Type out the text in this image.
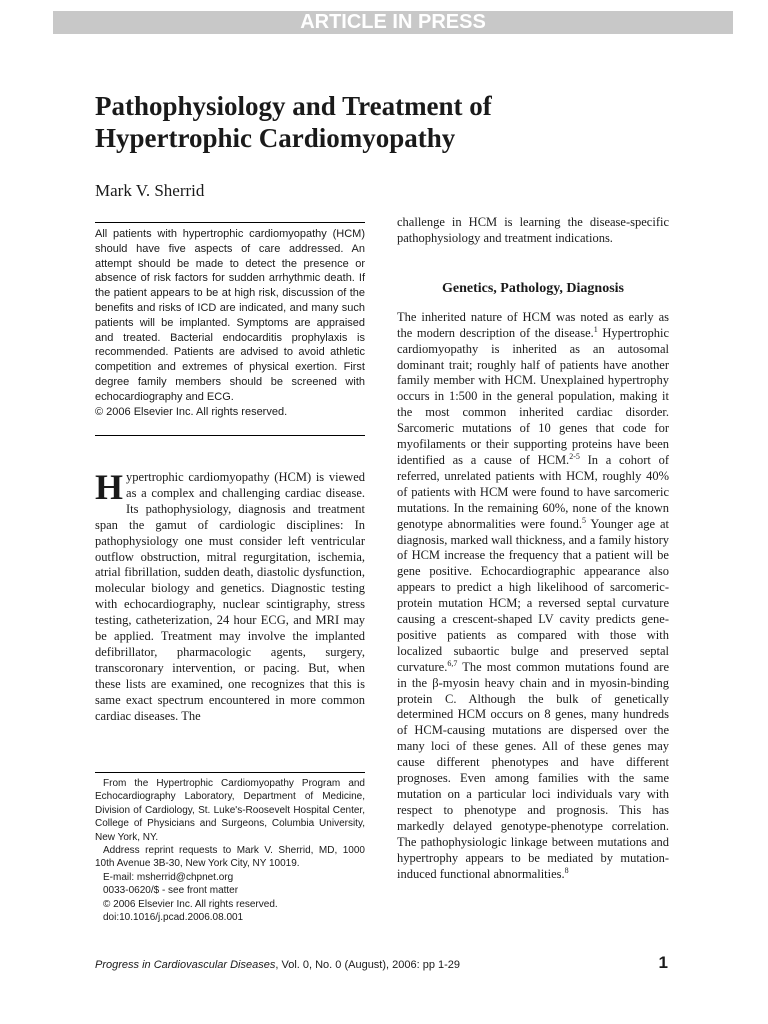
ARTICLE IN PRESS
Pathophysiology and Treatment of Hypertrophic Cardiomyopathy

Mark V. Sherrid

All patients with hypertrophic cardiomyopathy (HCM) should have five aspects of care addressed. An attempt should be made to detect the presence or absence of risk factors for sudden arrhythmic death. If the patient appears to be at high risk, discussion of the benefits and risks of ICD are indicated, and many such patients will be implanted. Symptoms are appraised and treated. Bacterial endocarditis prophylaxis is recommended. Patients are advised to avoid athletic competition and extremes of physical exertion. First degree family members should be screened with echocardiography and ECG.

© 2006 Elsevier Inc. All rights reserved.

Hypertrophic cardiomyopathy (HCM) is viewed as a complex and challenging cardiac disease. Its pathophysiology, diagnosis and treatment span the gamut of cardiologic disciplines: In pathophysiology one must consider left ventricular outflow obstruction, mitral regurgitation, ischemia, atrial fibrillation, sudden death, diastolic dysfunction, molecular biology and genetics. Diagnostic testing with echocardiography, nuclear scintigraphy, stress testing, catheterization, 24 hour ECG, and MRI may be applied. Treatment may involve the implanted defibrillator, pharmacologic agents, surgery, transcoronary intervention, or pacing. But, when these lists are examined, one recognizes that this is same exact spectrum encountered in more common cardiac diseases. The

From the Hypertrophic Cardiomyopathy Program and Echocardiography Laboratory, Department of Medicine, Division of Cardiology, St. Luke's-Roosevelt Hospital Center, College of Physicians and Surgeons, Columbia University, New York, NY.

Address reprint requests to Mark V. Sherrid, MD, 1000 10th Avenue 3B-30, New York City, NY 10019.

E-mail: msherrid@chpnet.org

0033-0620/$ - see front matter

© 2006 Elsevier Inc. All rights reserved.

doi:10.1016/j.pcad.2006.08.001

challenge in HCM is learning the disease-specific pathophysiology and treatment indications.

Genetics, Pathology, Diagnosis

The inherited nature of HCM was noted as early as the modern description of the disease.$^1$ Hypertrophic cardiomyopathy is inherited as an autosomal dominant trait; roughly half of patients have another family member with HCM. Unexplained hypertrophy occurs in 1:500 in the general population, making it the most common inherited cardiac disorder. Sarcomeric mutations of 10 genes that code for myofilaments or their supporting proteins have been identified as a cause of HCM.$^{2-5}$ In a cohort of referred, unrelated patients with HCM, roughly 40% of patients with HCM were found to have sarcomeric mutations. In the remaining 60%, none of the known genotype abnormalities were found.$^5$ Younger age at diagnosis, marked wall thickness, and a family history of HCM increase the frequency that a patient will be gene positive. Echocardiographic appearance also appears to predict a high likelihood of sarcomeric-protein mutation HCM; a reversed septal curvature causing a crescent-shaped LV cavity predicts gene-positive patients as compared with those with localized subaortic bulge and preserved septal curvature.$^{6,7}$ The most common mutations found are in the β-myosin heavy chain and in myosin-binding protein C. Although the bulk of genetically determined HCM occurs on 8 genes, many hundreds of HCM-causing mutations are dispersed over the many loci of these genes. All of these genes may cause different phenotypes and have different prognoses. Even among families with the same mutation on a particular loci individuals vary with respect to phenotype and prognosis. This has markedly delayed genotype-phenotype correlation. The pathophysiologic linkage between mutations and hypertrophy appears to be mediated by mutation-induced functional abnormalities.$^8$

Progress in Cardiovascular Diseases, Vol. 0, No. 0 (August), 2006: pp 1-29	1
